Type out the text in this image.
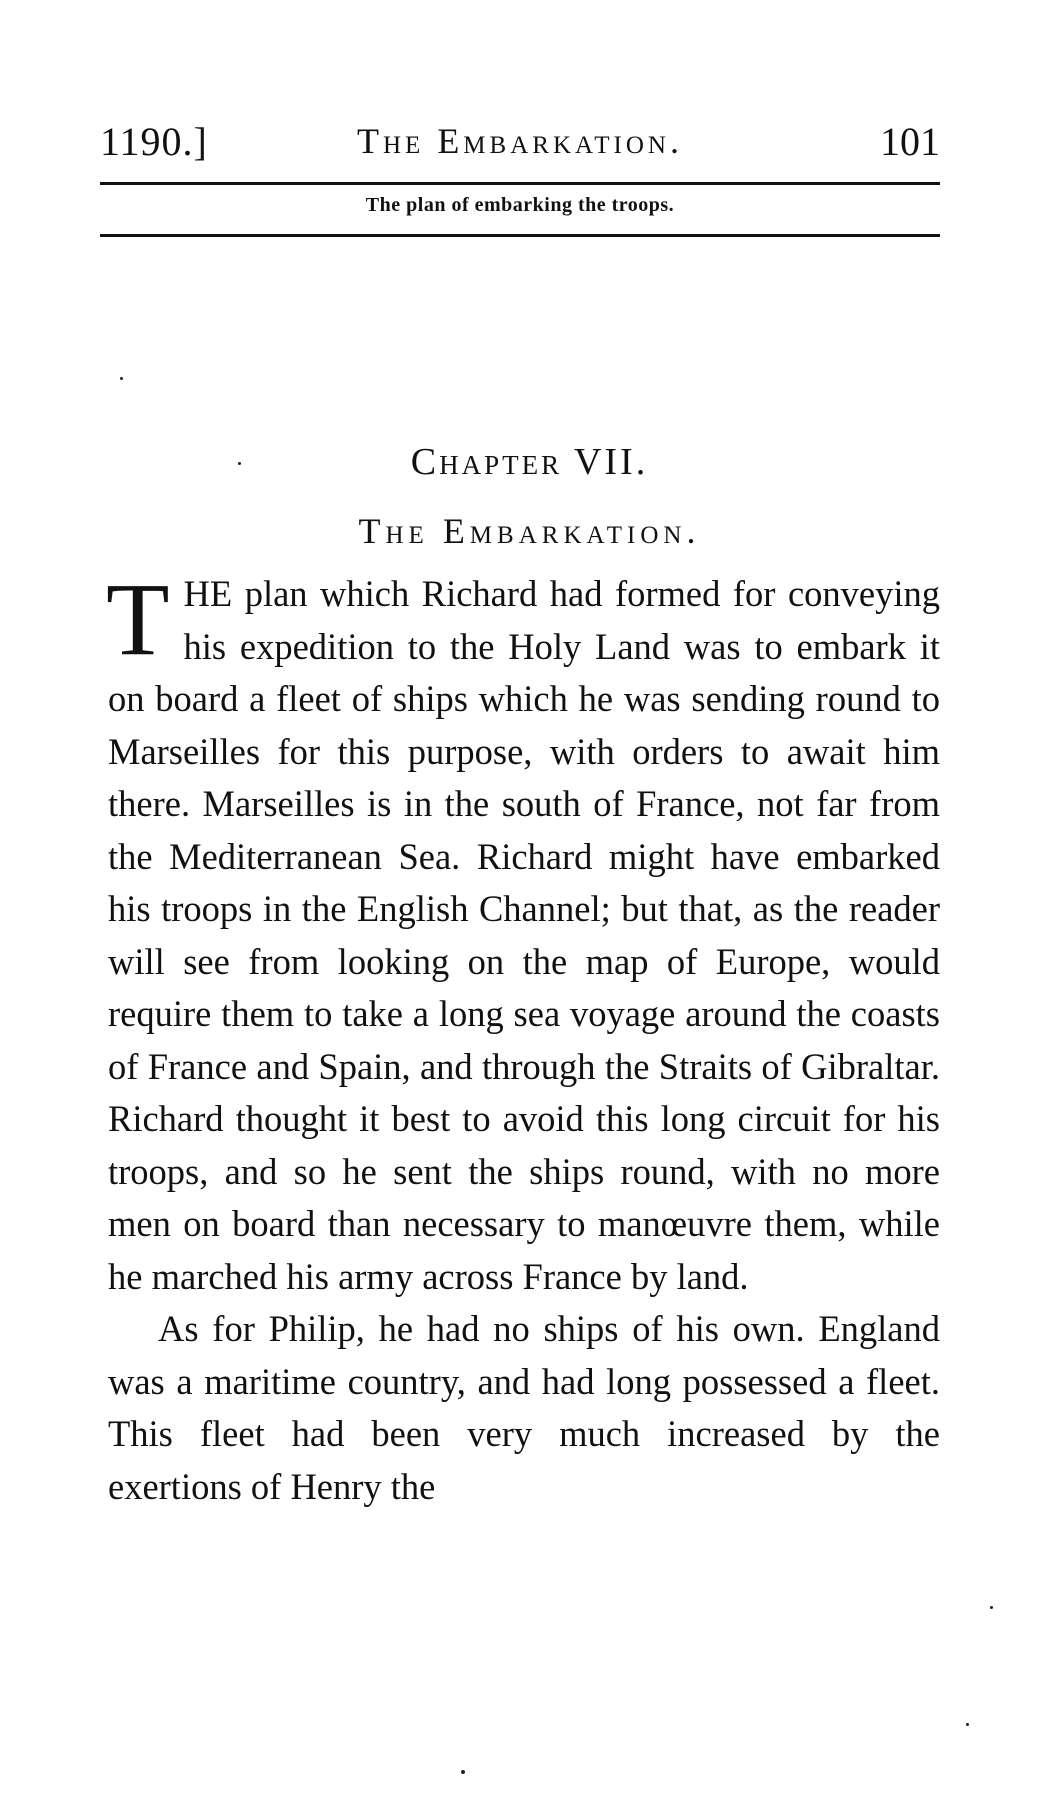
1190.]	The Embarkation.	101
The plan of embarking the troops.
Chapter VII.
The Embarkation.

THE plan which Richard had formed for conveying his expedition to the Holy Land was to embark it on board a fleet of ships which he was sending round to Marseilles for this purpose, with orders to await him there. Marseilles is in the south of France, not far from the Mediterranean Sea. Richard might have embarked his troops in the English Channel; but that, as the reader will see from looking on the map of Europe, would require them to take a long sea voyage around the coasts of France and Spain, and through the Straits of Gibraltar. Richard thought it best to avoid this long circuit for his troops, and so he sent the ships round, with no more men on board than necessary to manœuvre them, while he marched his army across France by land.

As for Philip, he had no ships of his own. England was a maritime country, and had long possessed a fleet. This fleet had been very much increased by the exertions of Henry the
